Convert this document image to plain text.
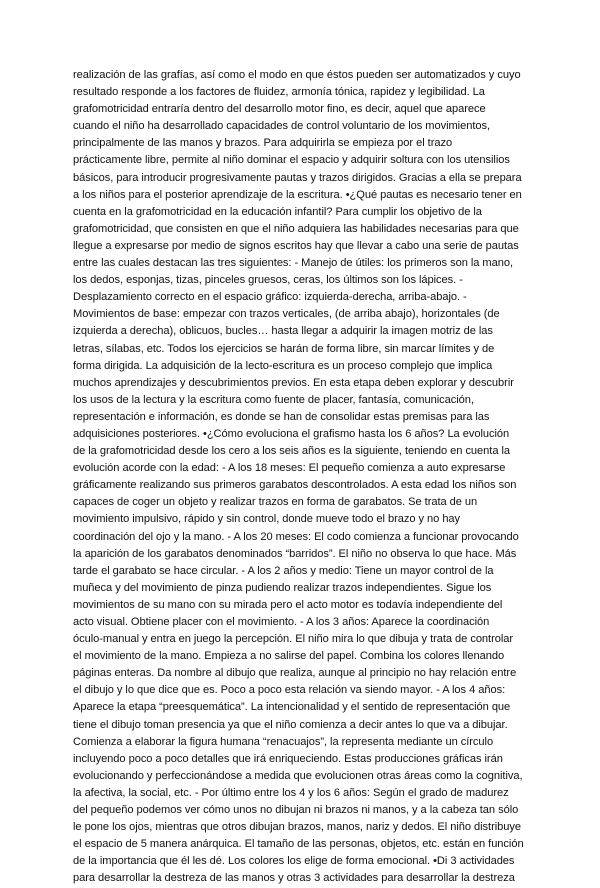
realización de las grafías, así como el modo en que éstos pueden ser automatizados y cuyo
resultado responde a los factores de fluidez, armonía tónica, rapidez y legibilidad. La
grafomotricidad entraría dentro del desarrollo motor fino, es decir, aquel que aparece
cuando el niño ha desarrollado capacidades de control voluntario de los movimientos,
principalmente de las manos y brazos. Para adquirirla se empieza por el trazo
prácticamente libre, permite al niño dominar el espacio y adquirir soltura con los utensilios
básicos, para introducir progresivamente pautas y trazos dirigidos. Gracias a ella se prepara
a los niños para el posterior aprendizaje de la escritura. •¿Qué pautas es necesario tener en
cuenta en la grafomotricidad en la educación infantil? Para cumplir los objetivo de la
grafomotricidad, que consisten en que el niño adquiera las habilidades necesarias para que
llegue a expresarse por medio de signos escritos hay que llevar a cabo una serie de pautas
entre las cuales destacan las tres siguientes: - Manejo de útiles: los primeros son la mano,
los dedos, esponjas, tizas, pinceles gruesos, ceras, los últimos son los lápices. -
Desplazamiento correcto en el espacio gráfico: izquierda-derecha, arriba-abajo. -
Movimientos de base: empezar con trazos verticales, (de arriba abajo), horizontales (de
izquierda a derecha), oblicuos, bucles… hasta llegar a adquirir la imagen motriz de las
letras, sílabas, etc. Todos los ejercicios se harán de forma libre, sin marcar límites y de
forma dirigida. La adquisición de la lecto-escritura es un proceso complejo que implica
muchos aprendizajes y descubrimientos previos. En esta etapa deben explorar y descubrir
los usos de la lectura y la escritura como fuente de placer, fantasía, comunicación,
representación e información, es donde se han de consolidar estas premisas para las
adquisiciones posteriores. •¿Cómo evoluciona el grafismo hasta los 6 años? La evolución
de la grafomotricidad desde los cero a los seis años es la siguiente, teniendo en cuenta la
evolución acorde con la edad: - A los 18 meses: El pequeño comienza a auto expresarse
gráficamente realizando sus primeros garabatos descontrolados. A esta edad los niños son
capaces de coger un objeto y realizar trazos en forma de garabatos. Se trata de un
movimiento impulsivo, rápido y sin control, donde mueve todo el brazo y no hay
coordinación del ojo y la mano. - A los 20 meses: El codo comienza a funcionar provocando
la aparición de los garabatos denominados “barridos”. El niño no observa lo que hace. Más
tarde el garabato se hace circular. - A los 2 años y medio: Tiene un mayor control de la
muñeca y del movimiento de pinza pudiendo realizar trazos independientes. Sigue los
movimientos de su mano con su mirada pero el acto motor es todavía independiente del
acto visual. Obtiene placer con el movimiento. - A los 3 años: Aparece la coordinación
óculo-manual y entra en juego la percepción. El niño mira lo que dibuja y trata de controlar
el movimiento de la mano. Empieza a no salirse del papel. Combina los colores llenando
páginas enteras. Da nombre al dibujo que realiza, aunque al principio no hay relación entre
el dibujo y lo que dice que es. Poco a poco esta relación va siendo mayor. - A los 4 años:
Aparece la etapa “preesquemática”. La intencionalidad y el sentido de representación que
tiene el dibujo toman presencia ya que el niño comienza a decir antes lo que va a dibujar.
Comienza a elaborar la figura humana “renacuajos”, la representa mediante un círculo
incluyendo poco a poco detalles que irá enriqueciendo. Estas producciones gráficas irán
evolucionando y perfeccionándose a medida que evolucionen otras áreas como la cognitiva,
la afectiva, la social, etc. - Por último entre los 4 y los 6 años: Según el grado de madurez
del pequeño podemos ver cómo unos no dibujan ni brazos ni manos, y a la cabeza tan sólo
le pone los ojos, mientras que otros dibujan brazos, manos, nariz y dedos. El niño distribuye
el espacio de 5 manera anárquica. El tamaño de las personas, objetos, etc. están en función
de la importancia que él les dé. Los colores los elige de forma emocional. •Di 3 actividades
para desarrollar la destreza de las manos y otras 3 actividades para desarrollar la destreza
